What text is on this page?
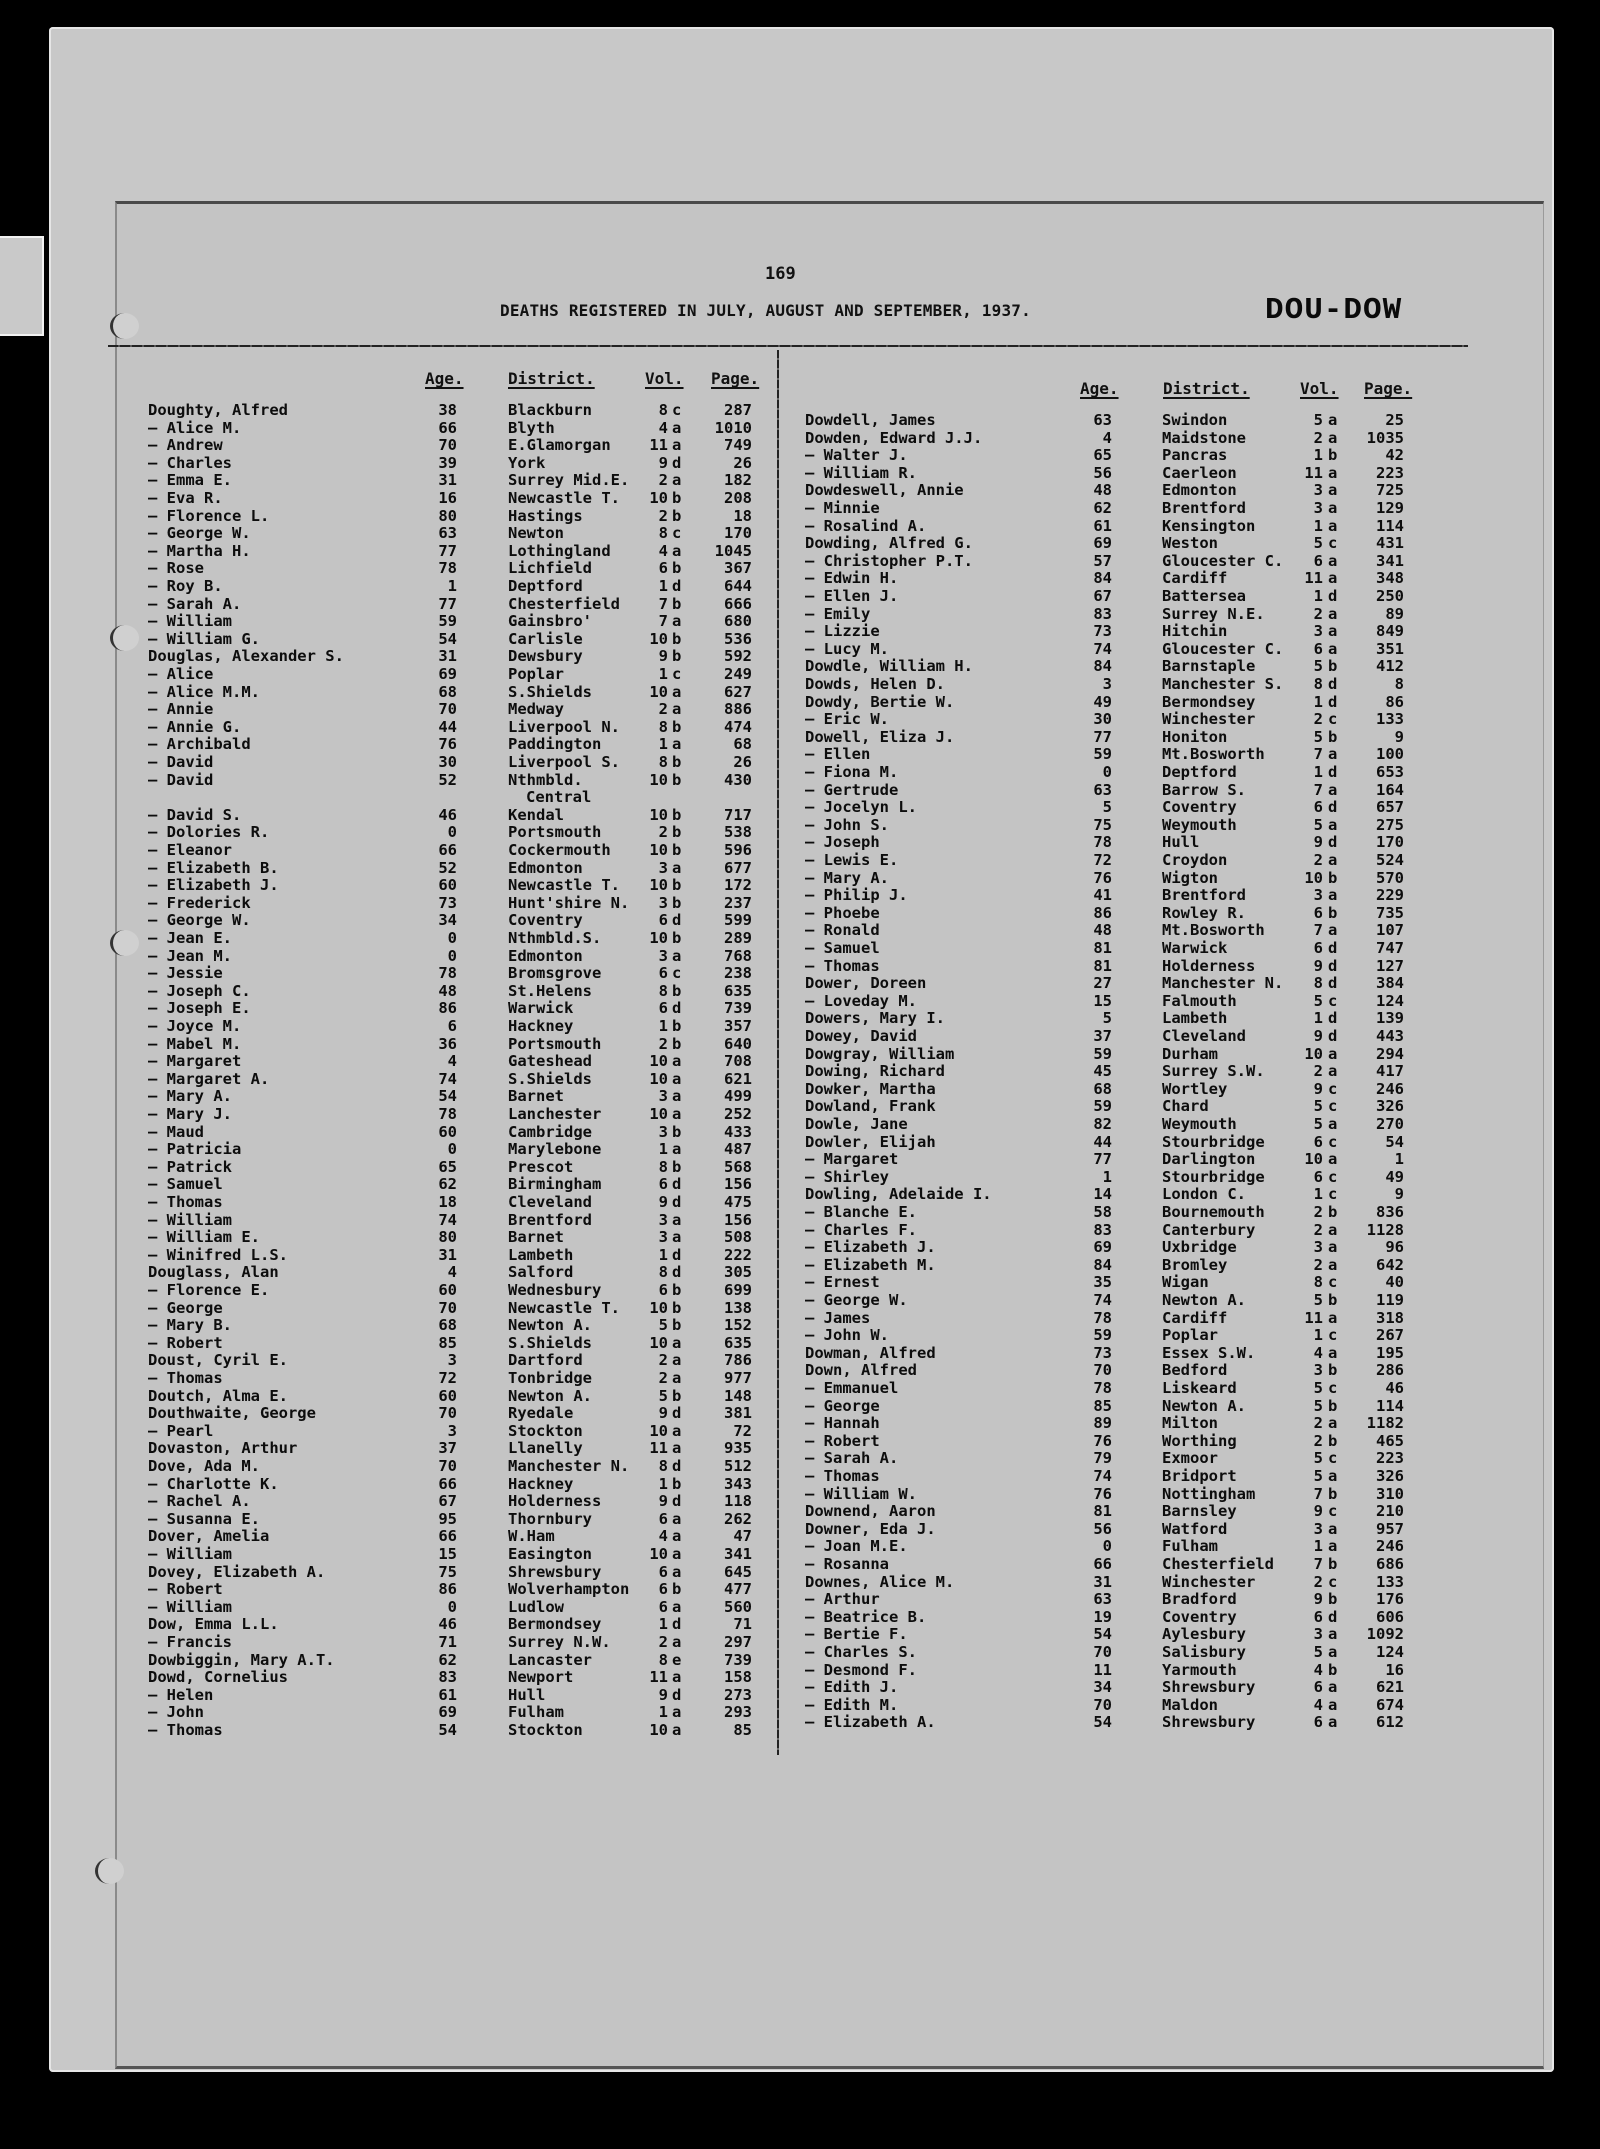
169
DEATHS REGISTERED IN JULY, AUGUST AND SEPTEMBER, 1937.	DOU-DOW
Age.	District.	Vol. Page.
Age.	District.	Vol. Page.
Doughty, Alfred	38	Blackburn	8 c	287
— Alice M.	66	Blyth	4 a	1010
— Andrew	70	E.Glamorgan	11 a	749
— Charles	39	York	9 d	26
— Emma E.	31	Surrey Mid.E.	2 a	182
— Eva R.	16	Newcastle T.	10 b	208
— Florence L.	80	Hastings	2 b	18
— George W.	63	Newton	8 c	170
— Martha H.	77	Lothingland	4 a	1045
— Rose	78	Lichfield	6 b	367
— Roy B.	1	Deptford	1 d	644
— Sarah A.	77	Chesterfield	7 b	666
— William	59	Gainsbro'	7 a	680
— William G.	54	Carlisle	10 b	536
Douglas, Alexander S.	31	Dewsbury	9 b	592
— Alice	69	Poplar	1 c	249
— Alice M.M.	68	S.Shields	10 a	627
— Annie	70	Medway	2 a	886
— Annie G.	44	Liverpool N.	8 b	474
— Archibald	76	Paddington	1 a	68
— David	30	Liverpool S.	8 b	26
— David	52	Nthmbld.	10 b	430
Central
— David S.	46	Kendal	10 b	717
— Dolories R.	0	Portsmouth	2 b	538
— Eleanor	66	Cockermouth	10 b	596
— Elizabeth B.	52	Edmonton	3 a	677
— Elizabeth J.	60	Newcastle T.	10 b	172
— Frederick	73	Hunt'shire N.	3 b	237
— George W.	34	Coventry	6 d	599
— Jean E.	0	Nthmbld.S.	10 b	289
— Jean M.	0	Edmonton	3 a	768
— Jessie	78	Bromsgrove	6 c	238
— Joseph C.	48	St.Helens	8 b	635
— Joseph E.	86	Warwick	6 d	739
— Joyce M.	6	Hackney	1 b	357
— Mabel M.	36	Portsmouth	2 b	640
— Margaret	4	Gateshead	10 a	708
— Margaret A.	74	S.Shields	10 a	621
— Mary A.	54	Barnet	3 a	499
— Mary J.	78	Lanchester	10 a	252
— Maud	60	Cambridge	3 b	433
— Patricia	0	Marylebone	1 a	487
— Patrick	65	Prescot	8 b	568
— Samuel	62	Birmingham	6 d	156
— Thomas	18	Cleveland	9 d	475
— William	74	Brentford	3 a	156
— William E.	80	Barnet	3 a	508
— Winifred L.S.	31	Lambeth	1 d	222
Douglass, Alan	4	Salford	8 d	305
— Florence E.	60	Wednesbury	6 b	699
— George	70	Newcastle T.	10 b	138
— Mary B.	68	Newton A.	5 b	152
— Robert	85	S.Shields	10 a	635
Doust, Cyril E.	3	Dartford	2 a	786
— Thomas	72	Tonbridge	2 a	977
Doutch, Alma E.	60	Newton A.	5 b	148
Douthwaite, George	70	Ryedale	9 d	381
— Pearl	3	Stockton	10 a	72
Dovaston, Arthur	37	Llanelly	11 a	935
Dove, Ada M.	70	Manchester N.	8 d	512
— Charlotte K.	66	Hackney	1 b	343
— Rachel A.	67	Holderness	9 d	118
— Susanna E.	95	Thornbury	6 a	262
Dover, Amelia	66	W.Ham	4 a	47
— William	15	Easington	10 a	341
Dovey, Elizabeth A.	75	Shrewsbury	6 a	645
— Robert	86	Wolverhampton	6 b	477
— William	0	Ludlow	6 a	560
Dow, Emma L.L.	46	Bermondsey	1 d	71
— Francis	71	Surrey N.W.	2 a	297
Dowbiggin, Mary A.T.	62	Lancaster	8 e	739
Dowd, Cornelius	83	Newport	11 a	158
— Helen	61	Hull	9 d	273
— John	69	Fulham	1 a	293
— Thomas	54	Stockton	10 a	85
Dowdell, James	63	Swindon	5 a	25
Dowden, Edward J.J.	4	Maidstone	2 a	1035
— Walter J.	65	Pancras	1 b	42
— William R.	56	Caerleon	11 a	223
Dowdeswell, Annie	48	Edmonton	3 a	725
— Minnie	62	Brentford	3 a	129
— Rosalind A.	61	Kensington	1 a	114
Dowding, Alfred G.	69	Weston	5 c	431
— Christopher P.T.	57	Gloucester C.	6 a	341
— Edwin H.	84	Cardiff	11 a	348
— Ellen J.	67	Battersea	1 d	250
— Emily	83	Surrey N.E.	2 a	89
— Lizzie	73	Hitchin	3 a	849
— Lucy M.	74	Gloucester C.	6 a	351
Dowdle, William H.	84	Barnstaple	5 b	412
Dowds, Helen D.	3	Manchester S.	8 d	8
Dowdy, Bertie W.	49	Bermondsey	1 d	86
— Eric W.	30	Winchester	2 c	133
Dowell, Eliza J.	77	Honiton	5 b	9
— Ellen	59	Mt.Bosworth	7 a	100
— Fiona M.	0	Deptford	1 d	653
— Gertrude	63	Barrow S.	7 a	164
— Jocelyn L.	5	Coventry	6 d	657
— John S.	75	Weymouth	5 a	275
— Joseph	78	Hull	9 d	170
— Lewis E.	72	Croydon	2 a	524
— Mary A.	76	Wigton	10 b	570
— Philip J.	41	Brentford	3 a	229
— Phoebe	86	Rowley R.	6 b	735
— Ronald	48	Mt.Bosworth	7 a	107
— Samuel	81	Warwick	6 d	747
— Thomas	81	Holderness	9 d	127
Dower, Doreen	27	Manchester N.	8 d	384
— Loveday M.	15	Falmouth	5 c	124
Dowers, Mary I.	5	Lambeth	1 d	139
Dowey, David	37	Cleveland	9 d	443
Dowgray, William	59	Durham	10 a	294
Dowing, Richard	45	Surrey S.W.	2 a	417
Dowker, Martha	68	Wortley	9 c	246
Dowland, Frank	59	Chard	5 c	326
Dowle, Jane	82	Weymouth	5 a	270
Dowler, Elijah	44	Stourbridge	6 c	54
— Margaret	77	Darlington	10 a	1
— Shirley	1	Stourbridge	6 c	49
Dowling, Adelaide I.	14	London C.	1 c	9
— Blanche E.	58	Bournemouth	2 b	836
— Charles F.	83	Canterbury	2 a	1128
— Elizabeth J.	69	Uxbridge	3 a	96
— Elizabeth M.	84	Bromley	2 a	642
— Ernest	35	Wigan	8 c	40
— George W.	74	Newton A.	5 b	119
— James	78	Cardiff	11 a	318
— John W.	59	Poplar	1 c	267
Dowman, Alfred	73	Essex S.W.	4 a	195
Down, Alfred	70	Bedford	3 b	286
— Emmanuel	78	Liskeard	5 c	46
— George	85	Newton A.	5 b	114
— Hannah	89	Milton	2 a	1182
— Robert	76	Worthing	2 b	465
— Sarah A.	79	Exmoor	5 c	223
— Thomas	74	Bridport	5 a	326
— William W.	76	Nottingham	7 b	310
Downend, Aaron	81	Barnsley	9 c	210
Downer, Eda J.	56	Watford	3 a	957
— Joan M.E.	0	Fulham	1 a	246
— Rosanna	66	Chesterfield	7 b	686
Downes, Alice M.	31	Winchester	2 c	133
— Arthur	63	Bradford	9 b	176
— Beatrice B.	19	Coventry	6 d	606
— Bertie F.	54	Aylesbury	3 a	1092
— Charles S.	70	Salisbury	5 a	124
— Desmond F.	11	Yarmouth	4 b	16
— Edith J.	34	Shrewsbury	6 a	621
— Edith M.	70	Maldon	4 a	674
— Elizabeth A.	54	Shrewsbury	6 a	612
